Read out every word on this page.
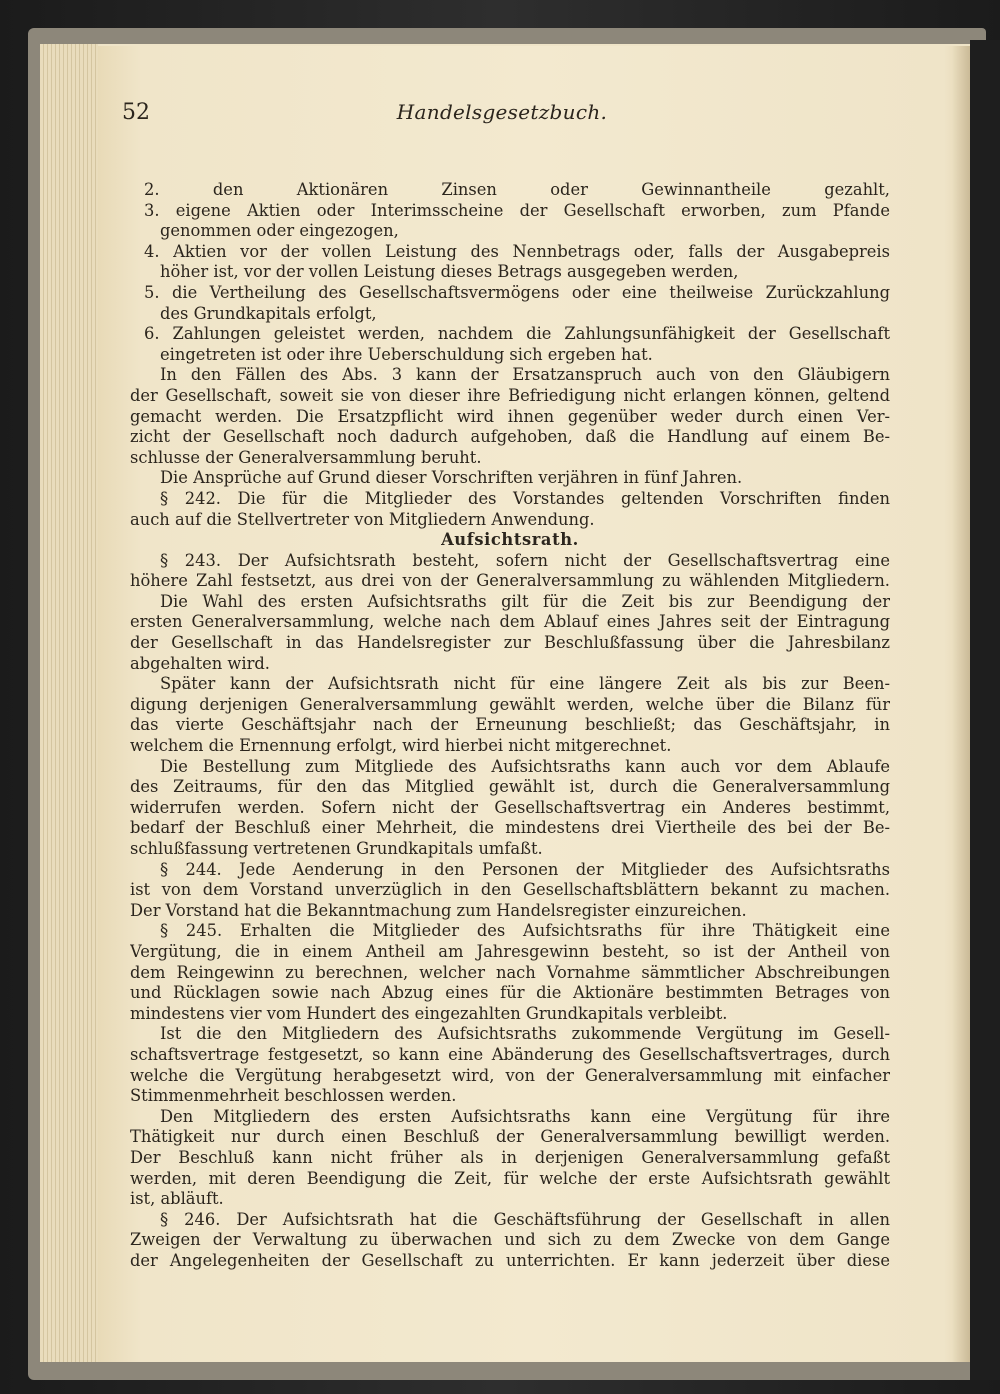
52	Handelsgesetzbuch.
2. den Aktionären Zinsen oder Gewinnantheile gezahlt,
3. eigene Aktien oder Interimsscheine der Gesellschaft erworben, zum Pfande
genommen oder eingezogen,
4. Aktien vor der vollen Leistung des Nennbetrags oder, falls der Ausgabepreis
höher ist, vor der vollen Leistung dieses Betrags ausgegeben werden,
5. die Vertheilung des Gesellschaftsvermögens oder eine theilweise Zurückzahlung
des Grundkapitals erfolgt,
6. Zahlungen geleistet werden, nachdem die Zahlungsunfähigkeit der Gesellschaft
eingetreten ist oder ihre Ueberschuldung sich ergeben hat.
In den Fällen des Abs. 3 kann der Ersatzanspruch auch von den Gläubigern
der Gesellschaft, soweit sie von dieser ihre Befriedigung nicht erlangen können, geltend
gemacht werden. Die Ersatzpflicht wird ihnen gegenüber weder durch einen Ver-
zicht der Gesellschaft noch dadurch aufgehoben, daß die Handlung auf einem Be-
schlusse der Generalversammlung beruht.
Die Ansprüche auf Grund dieser Vorschriften verjähren in fünf Jahren.
§ 242. Die für die Mitglieder des Vorstandes geltenden Vorschriften finden
auch auf die Stellvertreter von Mitgliedern Anwendung.
Aufsichtsrath.
§ 243. Der Aufsichtsrath besteht, sofern nicht der Gesellschaftsvertrag eine
höhere Zahl festsetzt, aus drei von der Generalversammlung zu wählenden Mitgliedern.
Die Wahl des ersten Aufsichtsraths gilt für die Zeit bis zur Beendigung der
ersten Generalversammlung, welche nach dem Ablauf eines Jahres seit der Eintragung
der Gesellschaft in das Handelsregister zur Beschlußfassung über die Jahresbilanz
abgehalten wird.
Später kann der Aufsichtsrath nicht für eine längere Zeit als bis zur Been-
digung derjenigen Generalversammlung gewählt werden, welche über die Bilanz für
das vierte Geschäftsjahr nach der Erneunung beschließt; das Geschäftsjahr, in
welchem die Ernennung erfolgt, wird hierbei nicht mitgerechnet.
Die Bestellung zum Mitgliede des Aufsichtsraths kann auch vor dem Ablaufe
des Zeitraums, für den das Mitglied gewählt ist, durch die Generalversammlung
widerrufen werden. Sofern nicht der Gesellschaftsvertrag ein Anderes bestimmt,
bedarf der Beschluß einer Mehrheit, die mindestens drei Viertheile des bei der Be-
schlußfassung vertretenen Grundkapitals umfaßt.
§ 244. Jede Aenderung in den Personen der Mitglieder des Aufsichtsraths
ist von dem Vorstand unverzüglich in den Gesellschaftsblättern bekannt zu machen.
Der Vorstand hat die Bekanntmachung zum Handelsregister einzureichen.
§ 245. Erhalten die Mitglieder des Aufsichtsraths für ihre Thätigkeit eine
Vergütung, die in einem Antheil am Jahresgewinn besteht, so ist der Antheil von
dem Reingewinn zu berechnen, welcher nach Vornahme sämmtlicher Abschreibungen
und Rücklagen sowie nach Abzug eines für die Aktionäre bestimmten Betrages von
mindestens vier vom Hundert des eingezahlten Grundkapitals verbleibt.
Ist die den Mitgliedern des Aufsichtsraths zukommende Vergütung im Gesell-
schaftsvertrage festgesetzt, so kann eine Abänderung des Gesellschaftsvertrages, durch
welche die Vergütung herabgesetzt wird, von der Generalversammlung mit einfacher
Stimmenmehrheit beschlossen werden.
Den Mitgliedern des ersten Aufsichtsraths kann eine Vergütung für ihre
Thätigkeit nur durch einen Beschluß der Generalversammlung bewilligt werden.
Der Beschluß kann nicht früher als in derjenigen Generalversammlung gefaßt
werden, mit deren Beendigung die Zeit, für welche der erste Aufsichtsrath gewählt
ist, abläuft.
§ 246. Der Aufsichtsrath hat die Geschäftsführung der Gesellschaft in allen
Zweigen der Verwaltung zu überwachen und sich zu dem Zwecke von dem Gange
der Angelegenheiten der Gesellschaft zu unterrichten. Er kann jederzeit über diese
